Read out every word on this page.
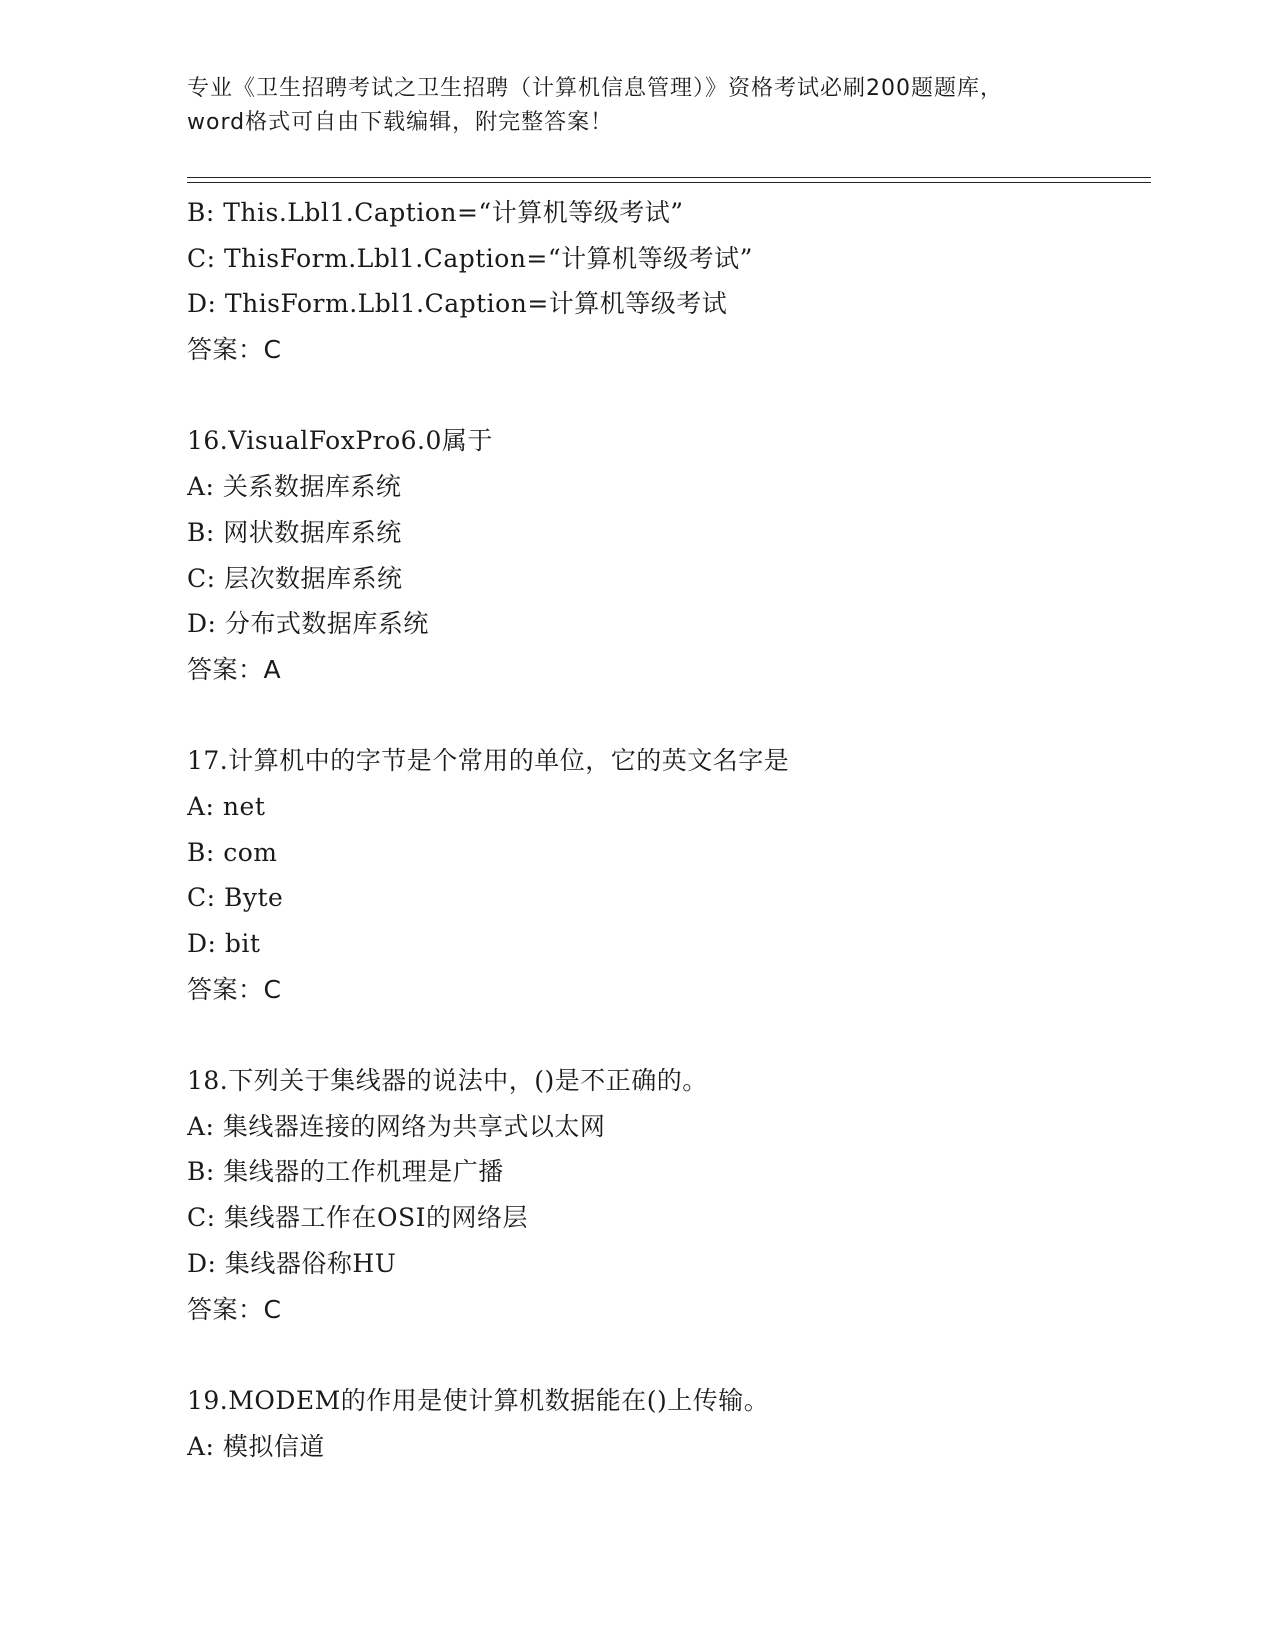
专业《卫生招聘考试之卫生招聘（计算机信息管理）》资格考试必刷200题题库，
word格式可自由下载编辑，附完整答案！
B: This.Lbl1.Caption=“计算机等级考试”
C: ThisForm.Lbl1.Caption=“计算机等级考试”
D: ThisForm.Lbl1.Caption=计算机等级考试
答案：C
16.VisualFoxPro6.0属于
A: 关系数据库系统
B: 网状数据库系统
C: 层次数据库系统
D: 分布式数据库系统
答案：A
17.计算机中的字节是个常用的单位，它的英文名字是
A: net
B: com
C: Byte
D: bit
答案：C
18.下列关于集线器的说法中，()是不正确的。
A: 集线器连接的网络为共享式以太网
B: 集线器的工作机理是广播
C: 集线器工作在OSI的网络层
D: 集线器俗称HU
答案：C
19.MODEM的作用是使计算机数据能在()上传输。
A: 模拟信道
